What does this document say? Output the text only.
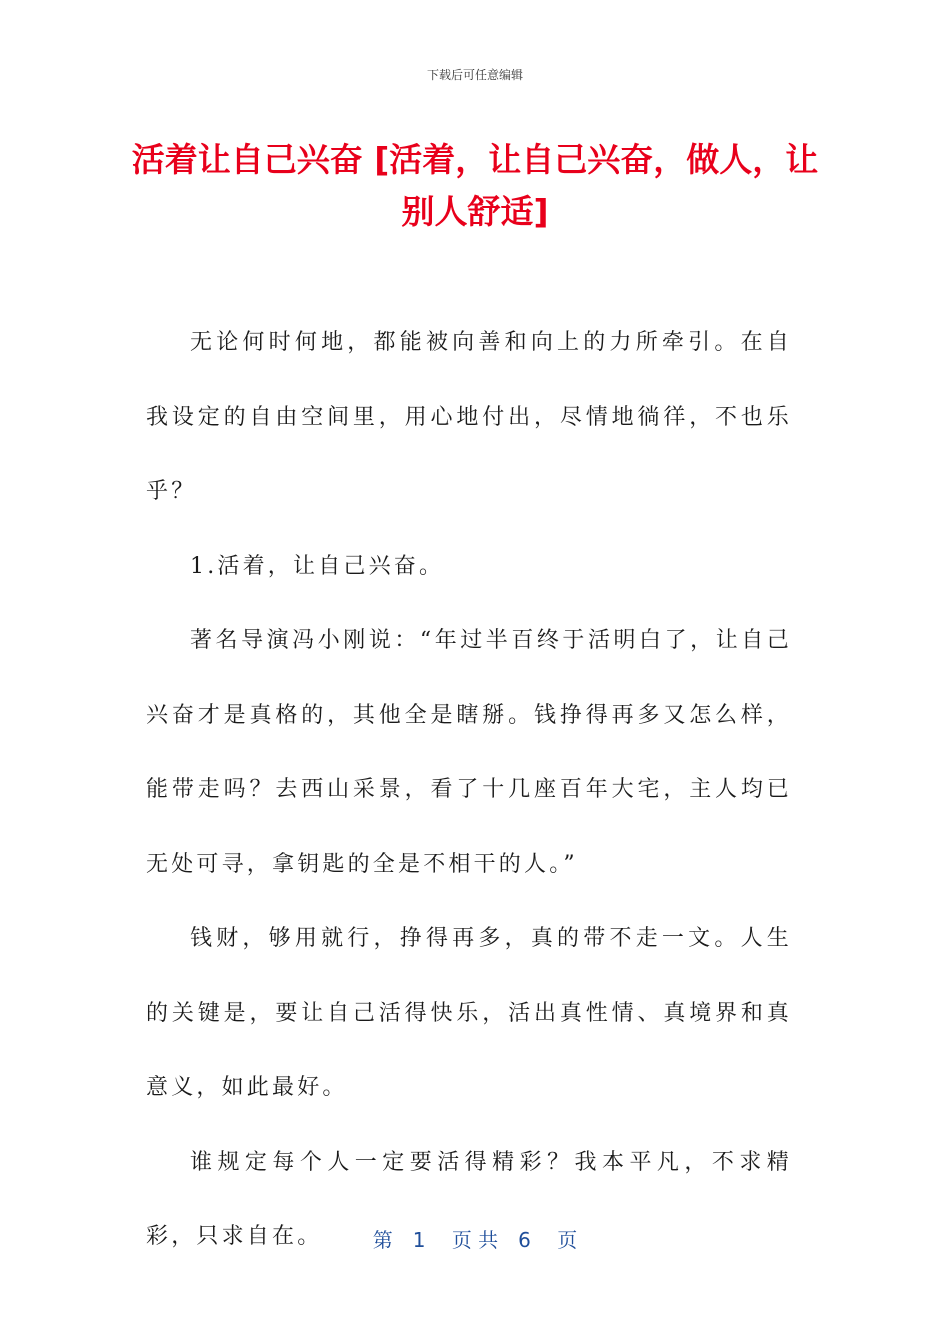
下载后可任意编辑
活着让自己兴奋 [活着，让自己兴奋，做人，让别人舒适]

无论何时何地，都能被向善和向上的力所牵引。在自我设定的自由空间里，用心地付出，尽情地徜徉，不也乐乎？

1.活着，让自己兴奋。

著名导演冯小刚说：“年过半百终于活明白了，让自己兴奋才是真格的，其他全是瞎掰。钱挣得再多又怎么样，能带走吗？去西山采景，看了十几座百年大宅，主人均已无处可寻，拿钥匙的全是不相干的人。”

钱财，够用就行，挣得再多，真的带不走一文。人生的关键是，要让自己活得快乐，活出真性情、真境界和真意义，如此最好。

谁规定每个人一定要活得精彩？我本平凡，不求精彩，只求自在。	第　1　 页 共　6　 页
